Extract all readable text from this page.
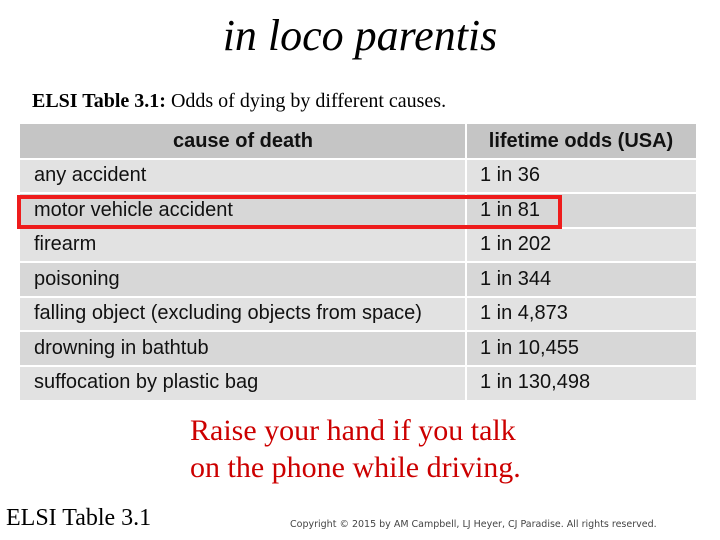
in loco parentis
ELSI Table 3.1: Odds of dying by different causes.
cause of death	lifetime odds (USA)
any accident	1 in 36
motor vehicle accident	1 in 81
firearm	1 in 202
poisoning	1 in 344
falling object (excluding objects from space)	1 in 4,873
drowning in bathtub	1 in 10,455
suffocation by plastic bag	1 in 130,498
Raise your hand if you talk
on the phone while driving.
ELSI Table 3.1	Copyright © 2015 by AM Campbell, LJ Heyer, CJ Paradise. All rights reserved.
